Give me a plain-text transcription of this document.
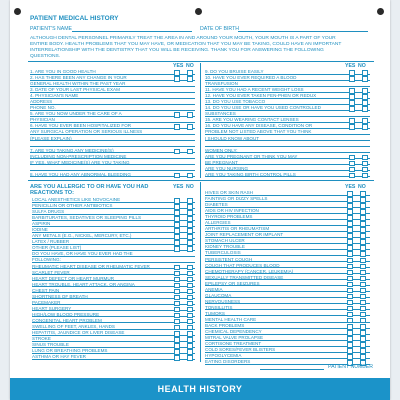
PATIENT MEDICAL HISTORY
PATIENT'S NAME	DATE OF BIRTH
ALTHOUGH DENTAL PERSONNEL PRIMARILY TREAT THE AREA IN AND AROUND YOUR MOUTH, YOUR MOUTH IS A PART OF YOUR
ENTIRE BODY. HEALTH PROBLEMS THAT YOU MAY HAVE, OR MEDICATION THAT YOU MAY BE TAKING, COULD HAVE AN IMPORTANT
INTERRELATIONSHIP WITH THE DENTISTRY THAT YOU WILL BE RECEIVING. THANK YOU FOR ANSWERING THE FOLLOWING
QUESTIONS.
YES NO	YES NO
1. ARE YOU IN GOOD HEALTH
2. HAS THERE BEEN ANY CHANGE IN YOUR
GENERAL HEALTH WITHIN THE PAST YEAR
3. DATE OF YOUR LAST PHYSICAL EXAM
4. PHYSICIAN'S NAME
ADDRESS
PHONE NO.
5. ARE YOU NOW UNDER THE CARE OF A
PHYSICIAN
6. HAVE YOU EVER BEEN HOSPITALIZED FOR
ANY SURGICAL OPERATION OR SERIOUS ILLNESS
(PLEASE EXPLAIN)
7. ARE YOU TAKING ANY MEDICINE(S)
INCLUDING NON-PRESCRIPTION MEDICINE
IF YES, WHAT MEDICINE(S) ARE YOU TAKING
8. HAVE YOU HAD ANY ABNORMAL BLEEDING
9. DO YOU BRUISE EASILY
10. HAVE YOU EVER REQUIRED A BLOOD
TRANSFUSION
11. HAVE YOU HAD A RECENT WEIGHT LOSS
12. HAVE YOU EVER TAKEN FEN-PHEN OR REDUX
13. DO YOU USE TOBACCO
14. DO YOU USE OR HAVE YOU USED CONTROLLED
SUBSTANCES
15. ARE YOU WEARING CONTACT LENSES
16. DO YOU HAVE ANY DISEASE, CONDITION OR
PROBLEM NOT LISTED ABOVE THAT YOU THINK
I SHOULD KNOW ABOUT
WOMEN ONLY:
ARE YOU PREGNANT OR THINK YOU MAY
BE PREGNANT
ARE YOU NURSING
ARE YOU TAKING BIRTH CONTROL PILLS
ARE YOU ALLERGIC TO OR HAVE YOU HAD
REACTIONS TO:
YES NO	YES NO
LOCAL ANESTHETICS LIKE NOVOCAINE
PENICILLIN OR OTHER ANTIBIOTICS
SULFA DRUGS
BARBITURATES, SEDATIVES OR SLEEPING PILLS
ASPIRIN
IODINE
ANY METALS (E.G., NICKEL, MERCURY, ETC.)
LATEX / RUBBER
OTHER (PLEASE LIST)
DO YOU HAVE, OR HAVE YOU EVER HAD THE
FOLLOWING:
RHEUMATIC HEART DISEASE OR RHEUMATIC FEVER
SCARLET FEVER
HEART DEFECT OR HEART MURMUR
HEART TROUBLE, HEART ATTACK, OR ANGINA
CHEST PAIN
SHORTNESS OF BREATH
PACEMAKER
HEART SURGERY
HIGH/LOW BLOOD PRESSURE
CONGENITAL HEART PROBLEM
SWELLING OF FEET, ANKLES, HANDS
HEPATITIS, JAUNDICE OR LIVER DISEASE
STROKE
SINUS TROUBLE
LUNG OR BREATHING PROBLEMS
ASTHMA OR HAY FEVER
HIVES OR SKIN RASH
FAINTING OR DIZZY SPELLS
DIABETES
AIDS OR HIV INFECTION
THYROID PROBLEMS
ALLERGIES
ARTHRITIS OR RHEUMATISM
JOINT REPLACEMENT OR IMPLANT
STOMACH ULCER
KIDNEY TROUBLE
TUBERCULOSIS
PERSISTENT COUGH
COUGH THAT PRODUCES BLOOD
CHEMOTHERAPY (CANCER, LEUKEMIA)
SEXUALLY TRANSMITTED DISEASE
EPILEPSY OR SEIZURES
ANEMIA
GLAUCOMA
NERVOUSNESS
TONSILLITIS
TUMORS
MENTAL HEALTH CARE
BACK PROBLEMS
CHEMICAL DEPENDENCY
MITRAL VALVE PROLAPSE
CORTISONE TREATMENT
COLD SORES/FEVER BLISTERS
HYPOGLYCEMIA
EATING DISORDERS
PATIENT NUMBER
HEALTH HISTORY
